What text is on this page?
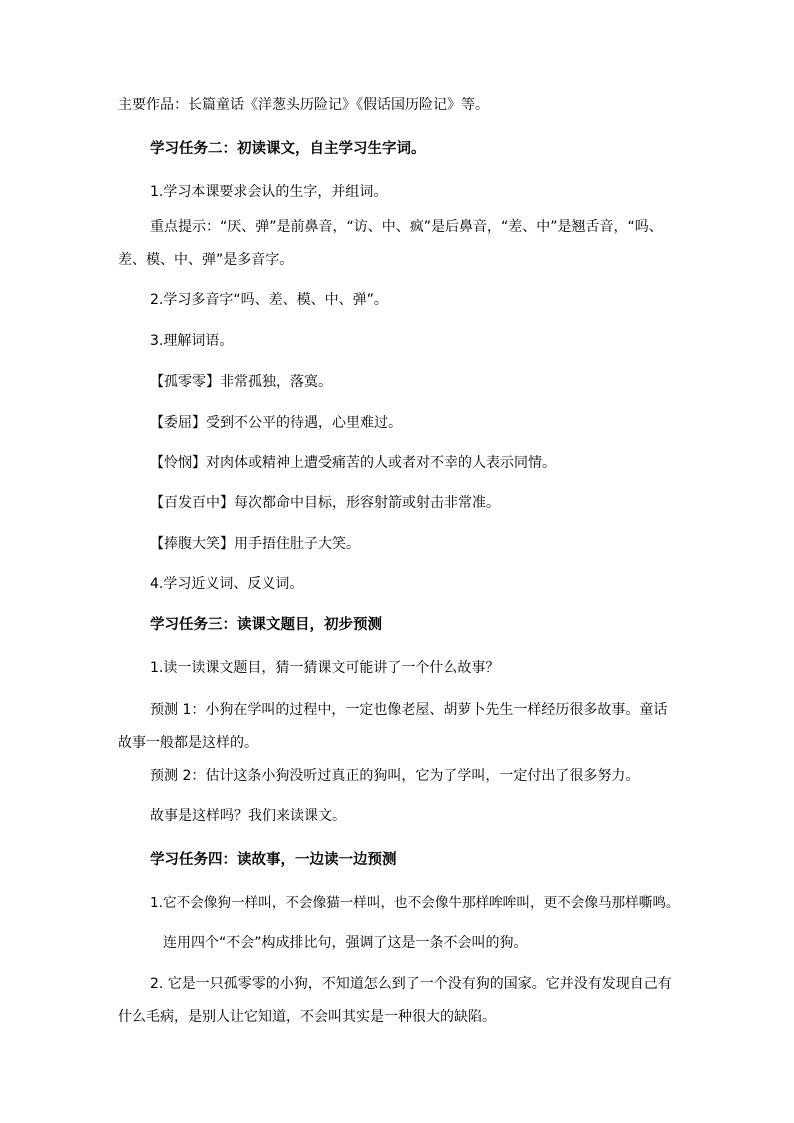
主要作品：长篇童话《洋葱头历险记》《假话国历险记》等。
学习任务二：初读课文，自主学习生字词。
1.学习本课要求会认的生字，并组词。
重点提示：“厌、弹”是前鼻音，“访、中、疯”是后鼻音，“差、中”是翘舌音，“吗、差、模、中、弹”是多音字。
2.学习多音字“吗、差、模、中、弹”。
3.理解词语。
【孤零零】非常孤独，落寞。
【委屈】受到不公平的待遇，心里难过。
【怜悯】对肉体或精神上遭受痛苦的人或者对不幸的人表示同情。
【百发百中】每次都命中目标，形容射箭或射击非常准。
【捧腹大笑】用手捂住肚子大笑。
4.学习近义词、反义词。
学习任务三：读课文题目，初步预测
1.读一读课文题目，猜一猜课文可能讲了一个什么故事？
预测 1：小狗在学叫的过程中，一定也像老屋、胡萝卜先生一样经历很多故事。童话故事一般都是这样的。
预测 2：估计这条小狗没听过真正的狗叫，它为了学叫，一定付出了很多努力。
故事是这样吗？我们来读课文。
学习任务四：读故事，一边读一边预测
1.它不会像狗一样叫，不会像猫一样叫，也不会像牛那样哞哞叫，更不会像马那样嘶鸣。
连用四个“不会”构成排比句，强调了这是一条不会叫的狗。
2. 它是一只孤零零的小狗，不知道怎么到了一个没有狗的国家。它并没有发现自己有什么毛病，是别人让它知道，不会叫其实是一种很大的缺陷。
